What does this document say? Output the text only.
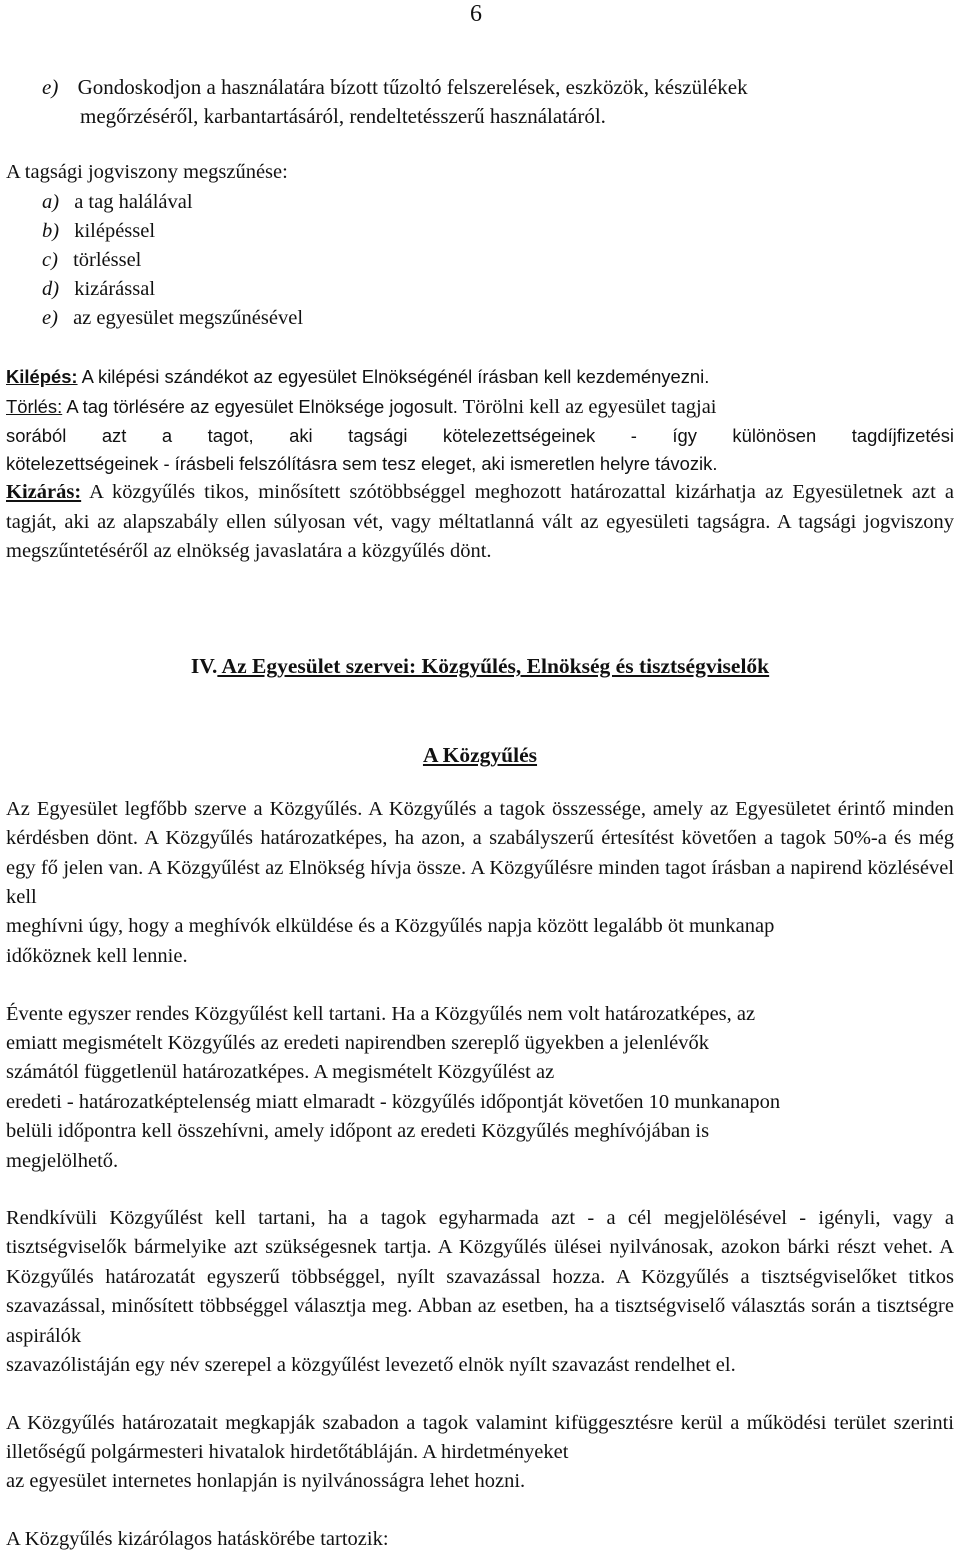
6
e) Gondoskodjon a használatára bízott tűzoltó felszerelések, eszközök, készülékek
megőrzéséről, karbantartásáról, rendeltetésszerű használatáról.
A tagsági jogviszony megszűnése:
a) a tag halálával
b) kilépéssel
c) törléssel
d) kizárással
e) az egyesület megszűnésével
Kilépés: A kilépési szándékot az egyesület Elnökségénél írásban kell kezdeményezni.
Törlés: A tag törlésére az egyesület Elnöksége jogosult. Törölni kell az egyesület tagjai
sorából azt a tagot, aki tagsági kötelezettségeinek - így különösen tagdíjfizetési
kötelezettségeinek - írásbeli felszólításra sem tesz eleget, aki ismeretlen helyre távozik.
Kizárás: A közgyűlés tikos, minősített szótöbbséggel meghozott határozattal kizárhatja az Egyesületnek azt a tagját, aki az alapszabály ellen súlyosan vét, vagy méltatlanná vált az egyesületi tagságra. A tagsági jogviszony megszűntetéséről az elnökség javaslatára a közgyűlés dönt.
IV. Az Egyesület szervei: Közgyűlés, Elnökség és tisztségviselők
A Közgyűlés
Az Egyesület legfőbb szerve a Közgyűlés. A Közgyűlés a tagok összessége, amely az Egyesületet érintő minden kérdésben dönt. A Közgyűlés határozatképes, ha azon, a szabályszerű értesítést követően a tagok 50%-a és még egy fő jelen van. A Közgyűlést az Elnökség hívja össze. A Közgyűlésre minden tagot írásban a napirend közlésével kell
meghívni úgy, hogy a meghívók elküldése és a Közgyűlés napja között legalább öt munkanap
időköznek kell lennie.
Évente egyszer rendes Közgyűlést kell tartani. Ha a Közgyűlés nem volt határozatképes, az
emiatt megismételt Közgyűlés az eredeti napirendben szereplő ügyekben a jelenlévők
számától függetlenül határozatképes. A megismételt Közgyűlést az
eredeti - határozatképtelenség miatt elmaradt - közgyűlés időpontját követően 10 munkanapon
belüli időpontra kell összehívni, amely időpont az eredeti Közgyűlés meghívójában is
megjelölhető.
Rendkívüli Közgyűlést kell tartani, ha a tagok egyharmada azt - a cél megjelölésével - igényli, vagy a tisztségviselők bármelyike azt szükségesnek tartja. A Közgyűlés ülései nyilvánosak, azokon bárki részt vehet. A Közgyűlés határozatát egyszerű többséggel, nyílt szavazással hozza. A Közgyűlés a tisztségviselőket titkos szavazással, minősített többséggel választja meg. Abban az esetben, ha a tisztségviselő választás során a tisztségre aspirálók
szavazólistáján egy név szerepel a közgyűlést levezető elnök nyílt szavazást rendelhet el.
A Közgyűlés határozatait megkapják szabadon a tagok valamint kifüggesztésre kerül a működési terület szerinti illetőségű polgármesteri hivatalok hirdetőtábláján. A hirdetményeket
az egyesület internetes honlapján is nyilvánosságra lehet hozni.
A Közgyűlés kizárólagos hatáskörébe tartozik:
